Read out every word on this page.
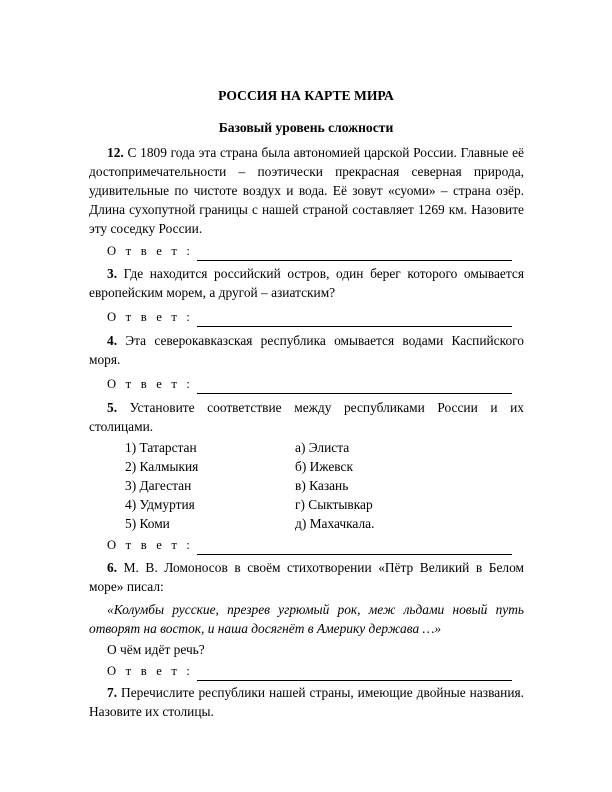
РОССИЯ НА КАРТЕ МИРА
Базовый уровень сложности

12. С 1809 года эта страна была автономией царской России. Главные её достопримечательности – поэтически прекрасная северная природа, удивительные по чистоте воздух и вода. Её зовут «суоми» – страна озёр. Длина сухопутной границы с нашей страной составляет 1269 км. Назовите эту соседку России.

О т в е т :

3. Где находится российский остров, один берег которого омывается европейским морем, а другой – азиатским?

О т в е т :

4. Эта северокавказская республика омывается водами Каспийского моря.

О т в е т :

5. Установите соответствие между республиками России и их столицами.

1) Татарстан	а) Элиста
2) Калмыкия	б) Ижевск
3) Дагестан	в) Казань
4) Удмуртия	г) Сыктывкар
5) Коми	д) Махачкала.
О т в е т :

6. М. В. Ломоносов в своём стихотворении «Пётр Великий в Белом море» писал:

«Колумбы русские, презрев угрюмый рок, меж льдами новый путь отворят на восток, и наша досягнёт в Америку держава …»

О чём идёт речь?

О т в е т :

7. Перечислите республики нашей страны, имеющие двойные названия. Назовите их столицы.
